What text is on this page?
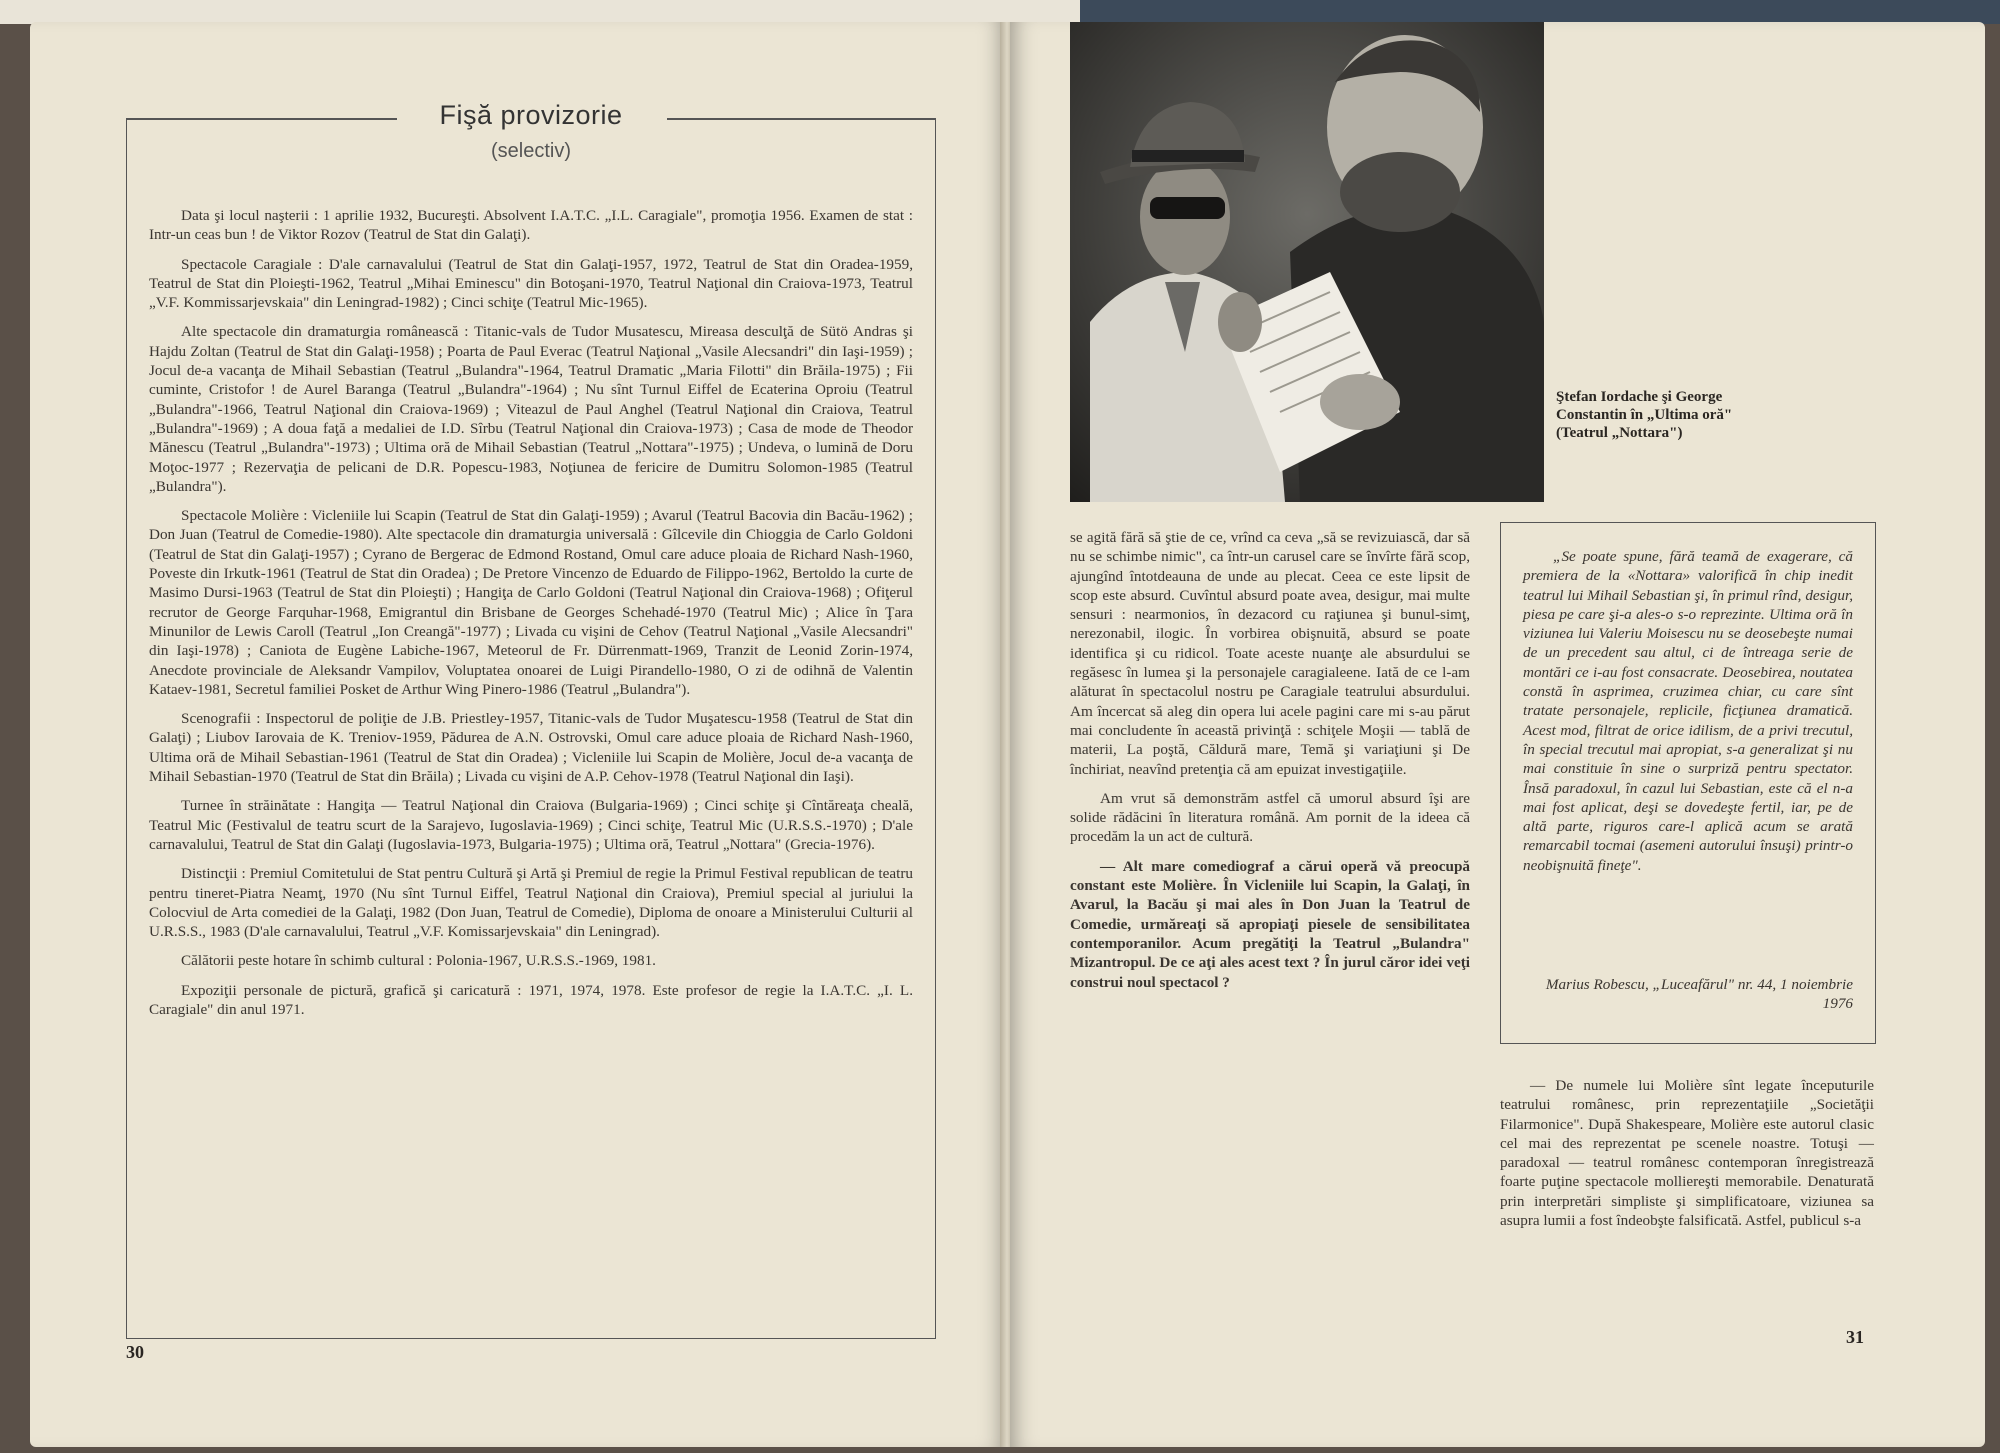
Fişă provizorie
(selectiv)

Data şi locul naşterii : 1 aprilie 1932, Bucureşti. Absolvent I.A.T.C. „I.L. Caragiale", promoţia 1956. Examen de stat : Intr-un ceas bun ! de Viktor Rozov (Teatrul de Stat din Galaţi).

Spectacole Caragiale : D'ale carnavalului (Teatrul de Stat din Galaţi-1957, 1972, Teatrul de Stat din Oradea-1959, Teatrul de Stat din Ploieşti-1962, Teatrul „Mihai Eminescu" din Botoşani-1970, Teatrul Naţional din Craiova-1973, Teatrul „V.F. Kommissarjevskaia" din Leningrad-1982) ; Cinci schiţe (Teatrul Mic-1965).

Alte spectacole din dramaturgia românească : Titanic-vals de Tudor Musatescu, Mireasa desculţă de Sütö Andras şi Hajdu Zoltan (Teatrul de Stat din Galaţi-1958) ; Poarta de Paul Everac (Teatrul Naţional „Vasile Alecsandri" din Iaşi-1959) ; Jocul de-a vacanţa de Mihail Sebastian (Teatrul „Bulandra"-1964, Teatrul Dramatic „Maria Filotti" din Brăila-1975) ; Fii cuminte, Cristofor ! de Aurel Baranga (Teatrul „Bulandra"-1964) ; Nu sînt Turnul Eiffel de Ecaterina Oproiu (Teatrul „Bulandra"-1966, Teatrul Naţional din Craiova-1969) ; Viteazul de Paul Anghel (Teatrul Naţional din Craiova, Teatrul „Bulandra"-1969) ; A doua faţă a medaliei de I.D. Sîrbu (Teatrul Naţional din Craiova-1973) ; Casa de mode de Theodor Mănescu (Teatrul „Bulandra"-1973) ; Ultima oră de Mihail Sebastian (Teatrul „Nottara"-1975) ; Undeva, o lumină de Doru Moţoc-1977 ; Rezervaţia de pelicani de D.R. Popescu-1983, Noţiunea de fericire de Dumitru Solomon-1985 (Teatrul „Bulandra").

Spectacole Molière : Vicleniile lui Scapin (Teatrul de Stat din Galaţi-1959) ; Avarul (Teatrul Bacovia din Bacău-1962) ; Don Juan (Teatrul de Comedie-1980). Alte spectacole din dramaturgia universală : Gîlcevile din Chioggia de Carlo Goldoni (Teatrul de Stat din Galaţi-1957) ; Cyrano de Bergerac de Edmond Rostand, Omul care aduce ploaia de Richard Nash-1960, Poveste din Irkutk-1961 (Teatrul de Stat din Oradea) ; De Pretore Vincenzo de Eduardo de Filippo-1962, Bertoldo la curte de Masimo Dursi-1963 (Teatrul de Stat din Ploieşti) ; Hangiţa de Carlo Goldoni (Teatrul Naţional din Craiova-1968) ; Ofiţerul recrutor de George Farquhar-1968, Emigrantul din Brisbane de Georges Schehadé-1970 (Teatrul Mic) ; Alice în Ţara Minunilor de Lewis Caroll (Teatrul „Ion Creangă"-1977) ; Livada cu vişini de Cehov (Teatrul Naţional „Vasile Alecsandri" din Iaşi-1978) ; Caniota de Eugène Labiche-1967, Meteorul de Fr. Dürrenmatt-1969, Tranzit de Leonid Zorin-1974, Anecdote provinciale de Aleksandr Vampilov, Voluptatea onoarei de Luigi Pirandello-1980, O zi de odihnă de Valentin Kataev-1981, Secretul familiei Posket de Arthur Wing Pinero-1986 (Teatrul „Bulandra").

Scenografii : Inspectorul de poliţie de J.B. Priestley-1957, Titanic-vals de Tudor Muşatescu-1958 (Teatrul de Stat din Galaţi) ; Liubov Iarovaia de K. Treniov-1959, Pădurea de A.N. Ostrovski, Omul care aduce ploaia de Richard Nash-1960, Ultima oră de Mihail Sebastian-1961 (Teatrul de Stat din Oradea) ; Vicleniile lui Scapin de Molière, Jocul de-a vacanţa de Mihail Sebastian-1970 (Teatrul de Stat din Brăila) ; Livada cu vişini de A.P. Cehov-1978 (Teatrul Naţional din Iaşi).

Turnee în străinătate : Hangiţa — Teatrul Naţional din Craiova (Bulgaria-1969) ; Cinci schiţe şi Cîntăreaţa cheală, Teatrul Mic (Festivalul de teatru scurt de la Sarajevo, Iugoslavia-1969) ; Cinci schiţe, Teatrul Mic (U.R.S.S.-1970) ; D'ale carnavalului, Teatrul de Stat din Galaţi (Iugoslavia-1973, Bulgaria-1975) ; Ultima oră, Teatrul „Nottara" (Grecia-1976).

Distincţii : Premiul Comitetului de Stat pentru Cultură şi Artă şi Premiul de regie la Primul Festival republican de teatru pentru tineret-Piatra Neamţ, 1970 (Nu sînt Turnul Eiffel, Teatrul Naţional din Craiova), Premiul special al juriului la Colocviul de Arta comediei de la Galaţi, 1982 (Don Juan, Teatrul de Comedie), Diploma de onoare a Ministerului Culturii al U.R.S.S., 1983 (D'ale carnavalului, Teatrul „V.F. Komissarjevskaia" din Leningrad).

Călătorii peste hotare în schimb cultural : Polonia-1967, U.R.S.S.-1969, 1981.

Expoziţii personale de pictură, grafică şi caricatură : 1971, 1974, 1978. Este profesor de regie la I.A.T.C. „I. L. Caragiale" din anul 1971.

30
Ştefan Iordache şi George Constantin în „Ultima oră" (Teatrul „Nottara")

se agită fără să ştie de ce, vrînd ca ceva „să se revizuiască, dar să nu se schimbe nimic", ca într-un carusel care se învîrte fără scop, ajungînd întotdeauna de unde au plecat. Ceea ce este lipsit de scop este absurd. Cuvîntul absurd poate avea, desigur, mai multe sensuri : nearmonios, în dezacord cu raţiunea şi bunul-simţ, nerezonabil, ilogic. În vorbirea obişnuită, absurd se poate identifica şi cu ridicol. Toate aceste nuanţe ale absurdului se regăsesc în lumea şi la personajele caragialeene. Iată de ce l-am alăturat în spectacolul nostru pe Caragiale teatrului absurdului. Am încercat să aleg din opera lui acele pagini care mi s-au părut mai concludente în această privinţă : schiţele Moşii — tablă de materii, La poştă, Căldură mare, Temă şi variaţiuni şi De închiriat, neavînd pretenţia că am epuizat investigaţiile.

Am vrut să demonstrăm astfel că umorul absurd îşi are solide rădăcini în literatura română. Am pornit de la ideea că procedăm la un act de cultură.

— Alt mare comediograf a cărui operă vă preocupă constant este Molière. În Vicleniile lui Scapin, la Galaţi, în Avarul, la Bacău şi mai ales în Don Juan la Teatrul de Comedie, urmăreaţi să apropiaţi piesele de sensibilitatea contemporanilor. Acum pregătiţi la Teatrul „Bulandra" Mizantropul. De ce aţi ales acest text ? În jurul căror idei veţi construi noul spectacol ?

„Se poate spune, fără teamă de exagerare, că premiera de la «Nottara» valorifică în chip inedit teatrul lui Mihail Sebastian şi, în primul rînd, desigur, piesa pe care şi-a ales-o s-o reprezinte. Ultima oră în viziunea lui Valeriu Moisescu nu se deosebeşte numai de un precedent sau altul, ci de întreaga serie de montări ce i-au fost consacrate. Deosebirea, noutatea constă în asprimea, cruzimea chiar, cu care sînt tratate personajele, replicile, ficţiunea dramatică. Acest mod, filtrat de orice idilism, de a privi trecutul, în special trecutul mai apropiat, s-a generalizat şi nu mai constituie în sine o surpriză pentru spectator. Însă paradoxul, în cazul lui Sebastian, este că el n-a mai fost aplicat, deşi se dovedeşte fertil, iar, pe de altă parte, riguros care-l aplică acum se arată remarcabil tocmai (asemeni autorului însuşi) printr-o neobişnuită fineţe".
Marius Robescu, „Luceafărul" nr. 44, 1 noiembrie 1976

— De numele lui Molière sînt legate începuturile teatrului românesc, prin reprezentaţiile „Societăţii Filarmonice". După Shakespeare, Molière este autorul clasic cel mai des reprezentat pe scenele noastre. Totuşi — paradoxal — teatrul românesc contemporan înregistrează foarte puţine spectacole molliereşti memorabile. Denaturată prin interpretări simpliste şi simplificatoare, viziunea sa asupra lumii a fost îndeobşte falsificată. Astfel, publicul s-a

31
